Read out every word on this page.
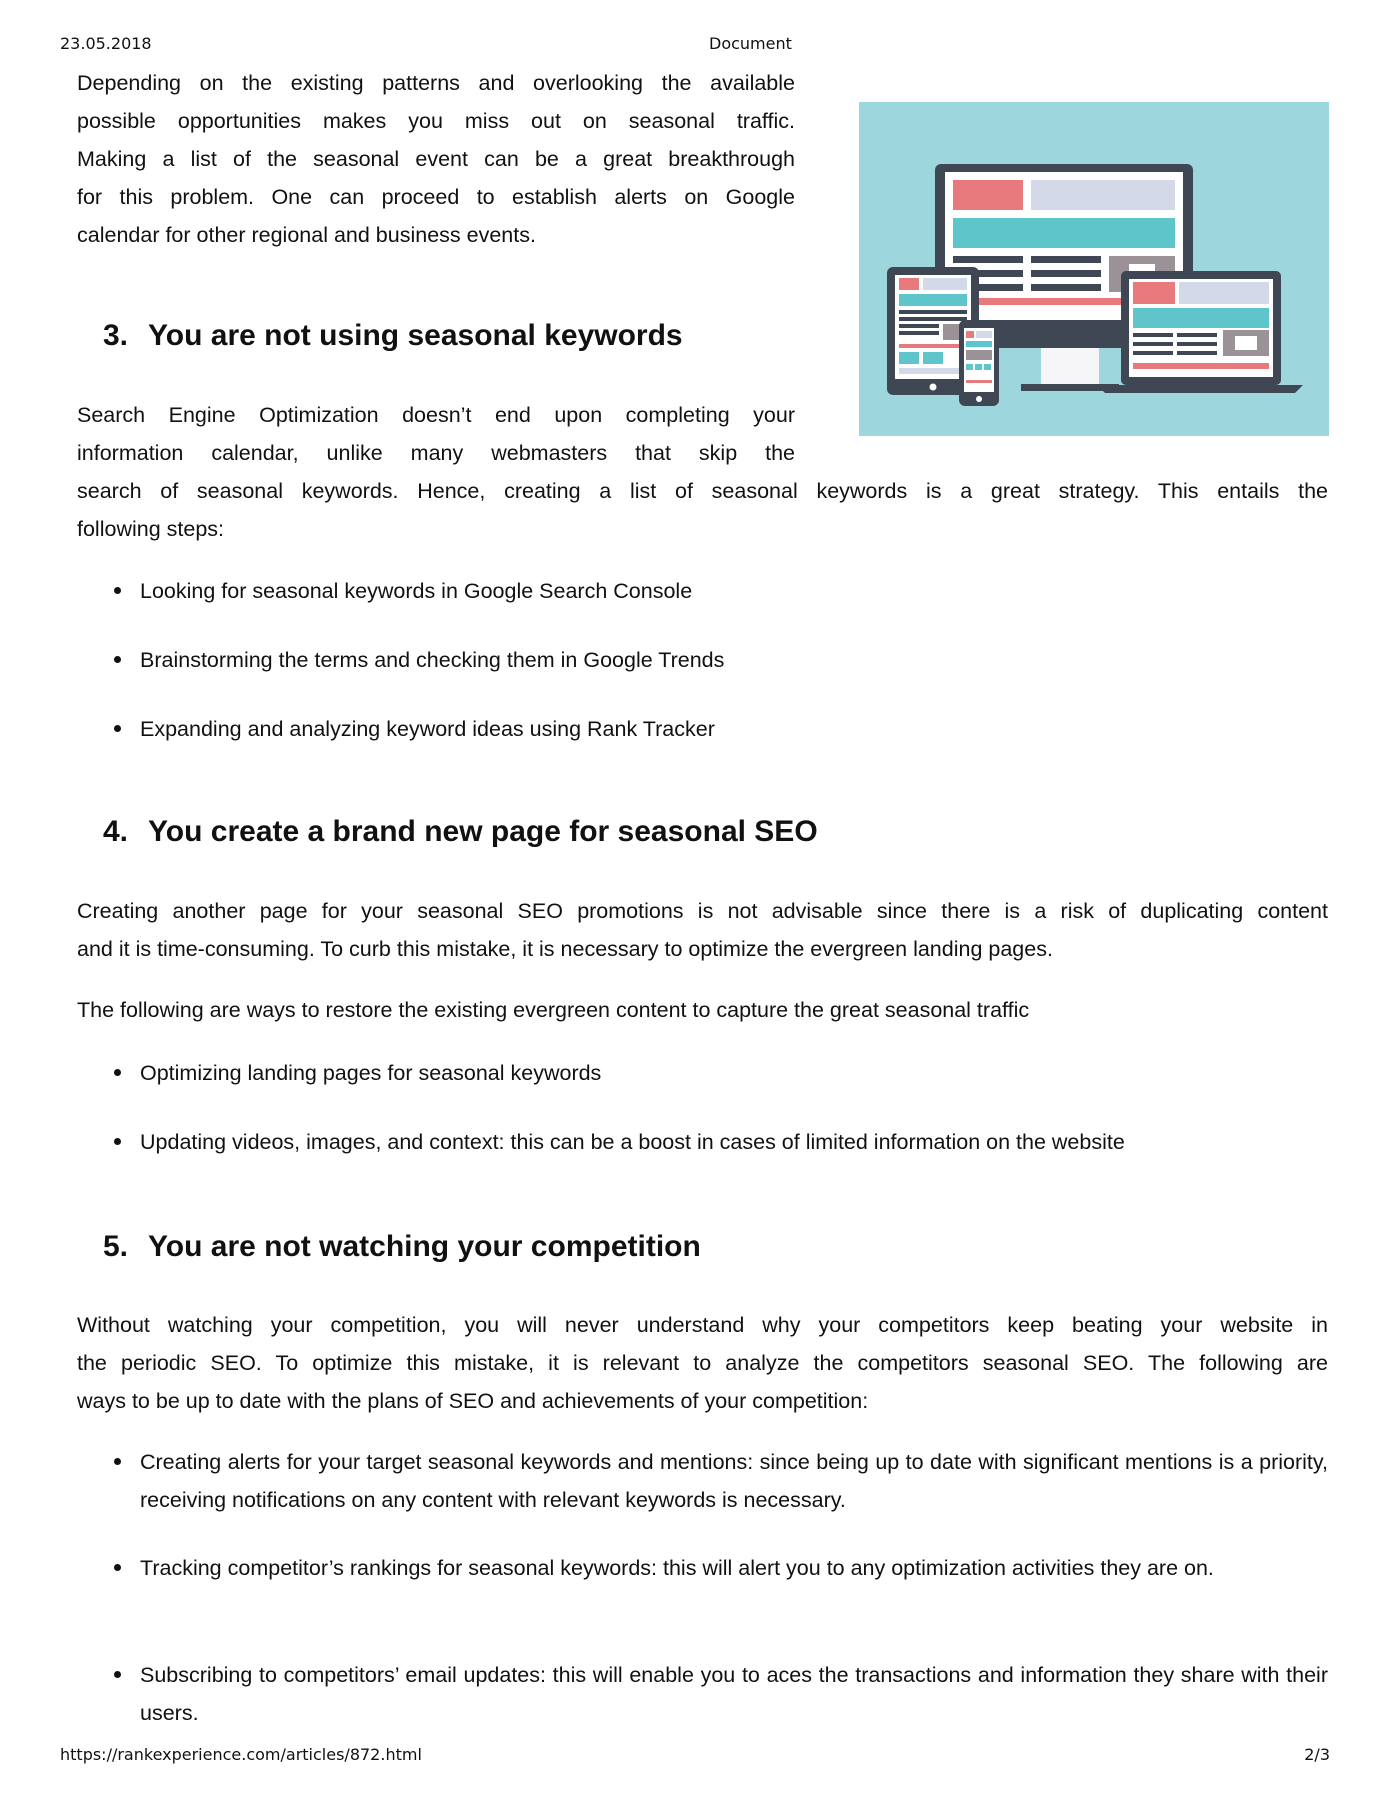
23.05.2018	Document

Depending on the existing patterns and overlooking the available

possible opportunities makes you miss out on seasonal traffic.

Making a list of the seasonal event can be a great breakthrough

for this problem. One can proceed to establish alerts on Google

calendar for other regional and business events.

3. You are not using seasonal keywords

Search Engine Optimization doesn’t end upon completing your

information calendar, unlike many webmasters that skip the

search of seasonal keywords. Hence, creating a list of seasonal keywords is a great strategy. This entails the

following steps:

Looking for seasonal keywords in Google Search Console
Brainstorming the terms and checking them in Google Trends
Expanding and analyzing keyword ideas using Rank Tracker
4. You create a brand new page for seasonal SEO

Creating another page for your seasonal SEO promotions is not advisable since there is a risk of duplicating content

and it is time-consuming. To curb this mistake, it is necessary to optimize the evergreen landing pages.

The following are ways to restore the existing evergreen content to capture the great seasonal traffic

Optimizing landing pages for seasonal keywords
Updating videos, images, and context: this can be a boost in cases of limited information on the website
5. You are not watching your competition

Without watching your competition, you will never understand why your competitors keep beating your website in

the periodic SEO. To optimize this mistake, it is relevant to analyze the competitors seasonal SEO. The following are

ways to be up to date with the plans of SEO and achievements of your competition:

Creating alerts for your target seasonal keywords and mentions: since being up to date with significant mentions is a priority, receiving notifications on any content with relevant keywords is necessary.
Tracking competitor’s rankings for seasonal keywords: this will alert you to any optimization activities they are on.
Subscribing to competitors’ email updates: this will enable you to aces the transactions and information they share with their users.
https://rankexperience.com/articles/872.html	2/3
